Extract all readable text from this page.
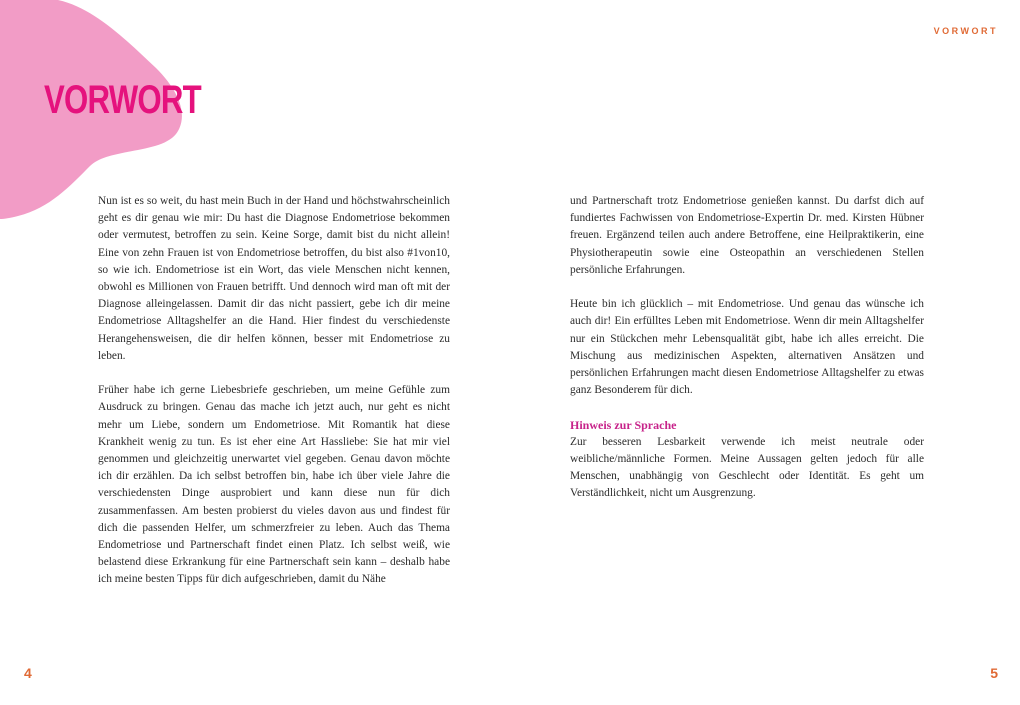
VORWORT
VORWORT

Nun ist es so weit, du hast mein Buch in der Hand und höchstwahrscheinlich geht es dir genau wie mir: Du hast die Diagnose Endometriose bekommen oder vermutest, betroffen zu sein. Keine Sorge, damit bist du nicht allein! Eine von zehn Frauen ist von Endometriose betroffen, du bist also #1von10, so wie ich. Endometriose ist ein Wort, das viele Menschen nicht kennen, obwohl es Millionen von Frauen betrifft. Und dennoch wird man oft mit der Diagnose alleingelassen. Damit dir das nicht passiert, gebe ich dir meine Endometriose Alltagshelfer an die Hand. Hier findest du verschiedenste Herangehensweisen, die dir helfen können, besser mit Endometriose zu leben.

Früher habe ich gerne Liebesbriefe geschrieben, um meine Gefühle zum Ausdruck zu bringen. Genau das mache ich jetzt auch, nur geht es nicht mehr um Liebe, sondern um Endometriose. Mit Romantik hat diese Krankheit wenig zu tun. Es ist eher eine Art Hassliebe: Sie hat mir viel genommen und gleichzeitig unerwartet viel gegeben. Genau davon möchte ich dir erzählen. Da ich selbst betroffen bin, habe ich über viele Jahre die verschiedensten Dinge ausprobiert und kann diese nun für dich zusammenfassen. Am besten probierst du vieles davon aus und findest für dich die passenden Helfer, um schmerzfreier zu leben. Auch das Thema Endometriose und Partnerschaft findet einen Platz. Ich selbst weiß, wie belastend diese Erkrankung für eine Partnerschaft sein kann – deshalb habe ich meine besten Tipps für dich aufgeschrieben, damit du Nähe

und Partnerschaft trotz Endometriose genießen kannst. Du darfst dich auf fundiertes Fachwissen von Endometriose-Expertin Dr. med. Kirsten Hübner freuen. Ergänzend teilen auch andere Betroffene, eine Heilpraktikerin, eine Physiotherapeutin sowie eine Osteopathin an verschiedenen Stellen persönliche Erfahrungen.

Heute bin ich glücklich – mit Endometriose. Und genau das wünsche ich auch dir! Ein erfülltes Leben mit Endometriose. Wenn dir mein Alltagshelfer nur ein Stückchen mehr Lebensqualität gibt, habe ich alles erreicht. Die Mischung aus medizinischen Aspekten, alternativen Ansätzen und persönlichen Erfahrungen macht diesen Endometriose Alltagshelfer zu etwas ganz Besonderem für dich.

Hinweis zur Sprache

Zur besseren Lesbarkeit verwende ich meist neutrale oder weibliche/männliche Formen. Meine Aussagen gelten jedoch für alle Menschen, unabhängig von Geschlecht oder Identität. Es geht um Verständlichkeit, nicht um Ausgrenzung.

4	5
